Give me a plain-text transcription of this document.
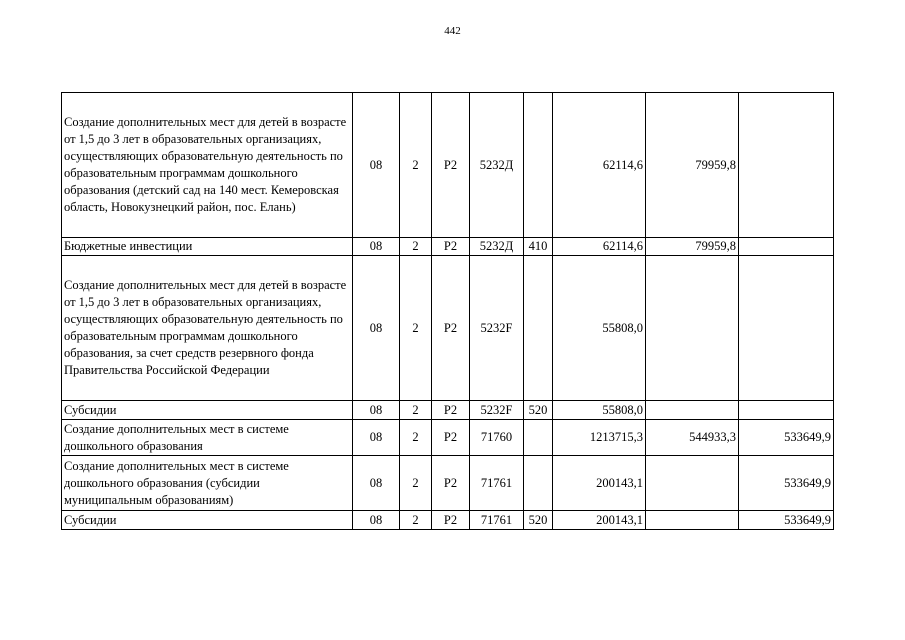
442
Создание дополнительных мест для детей в возрасте от 1,5 до 3 лет в образовательных организациях, осуществляющих образовательную деятельность по образовательным программам дошкольного образования (детский сад на 140 мест. Кемеровская область, Новокузнецкий район, пос. Елань)	08	2	Р2	5232Д		62114,6	79959,8	
Бюджетные инвестиции	08	2	Р2	5232Д	410	62114,6	79959,8	
Создание дополнительных мест для детей в возрасте от 1,5 до 3 лет в образовательных организациях, осуществляющих образовательную деятельность по образовательным программам дошкольного образования, за счет средств резервного фонда Правительства Российской Федерации	08	2	Р2	5232F		55808,0		
Субсидии	08	2	Р2	5232F	520	55808,0		
Создание дополнительных мест в системе дошкольного образования	08	2	Р2	71760		1213715,3	544933,3	533649,9
Создание дополнительных мест в системе дошкольного образования (субсидии муниципальным образованиям)	08	2	Р2	71761		200143,1		533649,9
Субсидии	08	2	Р2	71761	520	200143,1		533649,9
